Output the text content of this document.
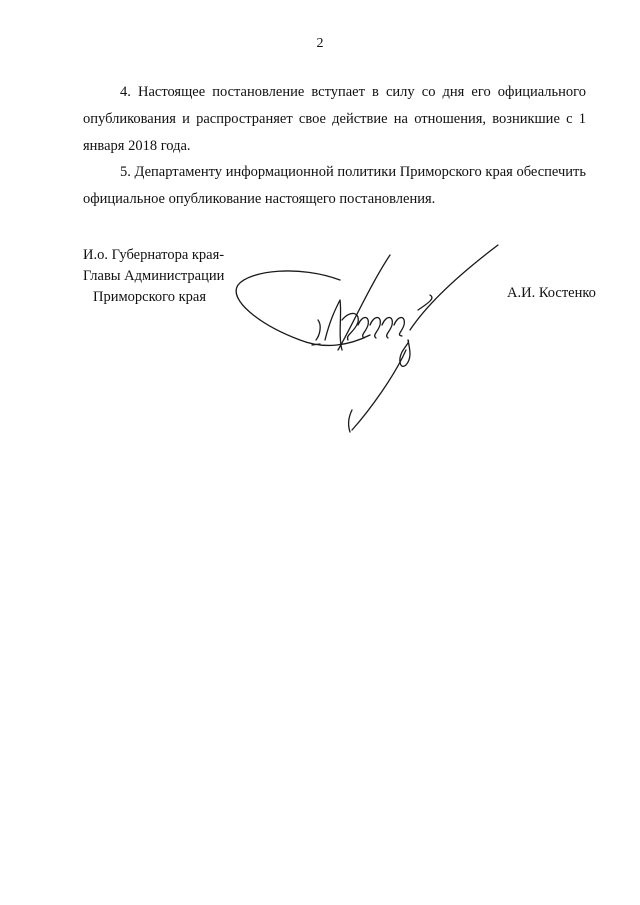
2

4. Настоящее постановление вступает в силу со дня его официального опубликования и распространяет свое действие на отношения, возникшие с 1 января 2018 года.

5. Департаменту информационной политики Приморского края обеспечить официальное опубликование настоящего постановления.

И.о. Губернатора края-
Главы Администрации
Приморского края	А.И. Костенко
